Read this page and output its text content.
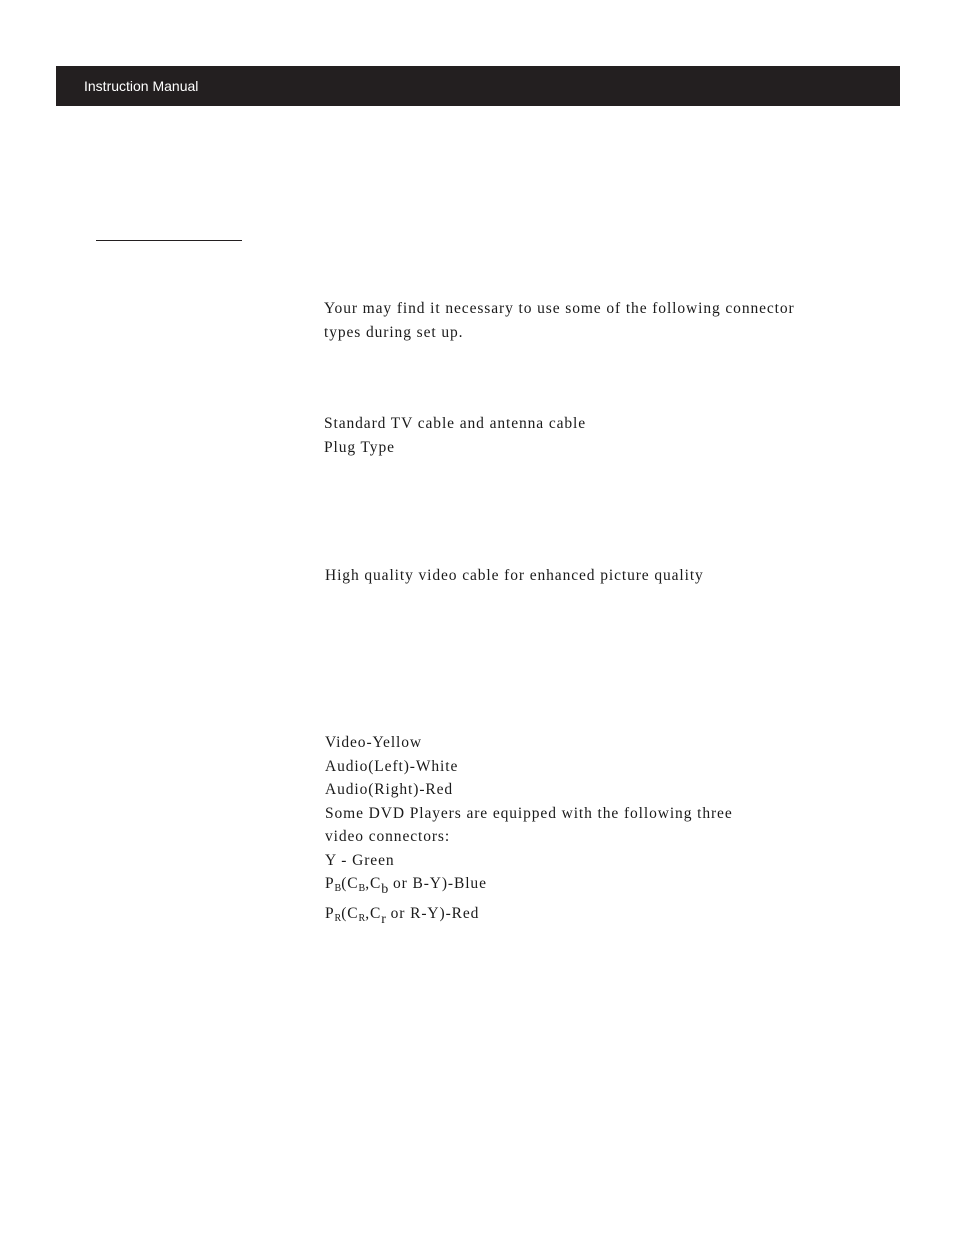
Instruction Manual
Your may find it necessary to use some of the following connector
types during set up.
Standard TV cable and antenna cable
Plug Type
High quality video cable for enhanced picture quality
Video-Yellow
Audio(Left)-White
Audio(Right)-Red
Some DVD Players are equipped with the following three
video connectors:
Y - Green
PB(CB,Cb or B-Y)-Blue
PR(CR,Cr or R-Y)-Red
